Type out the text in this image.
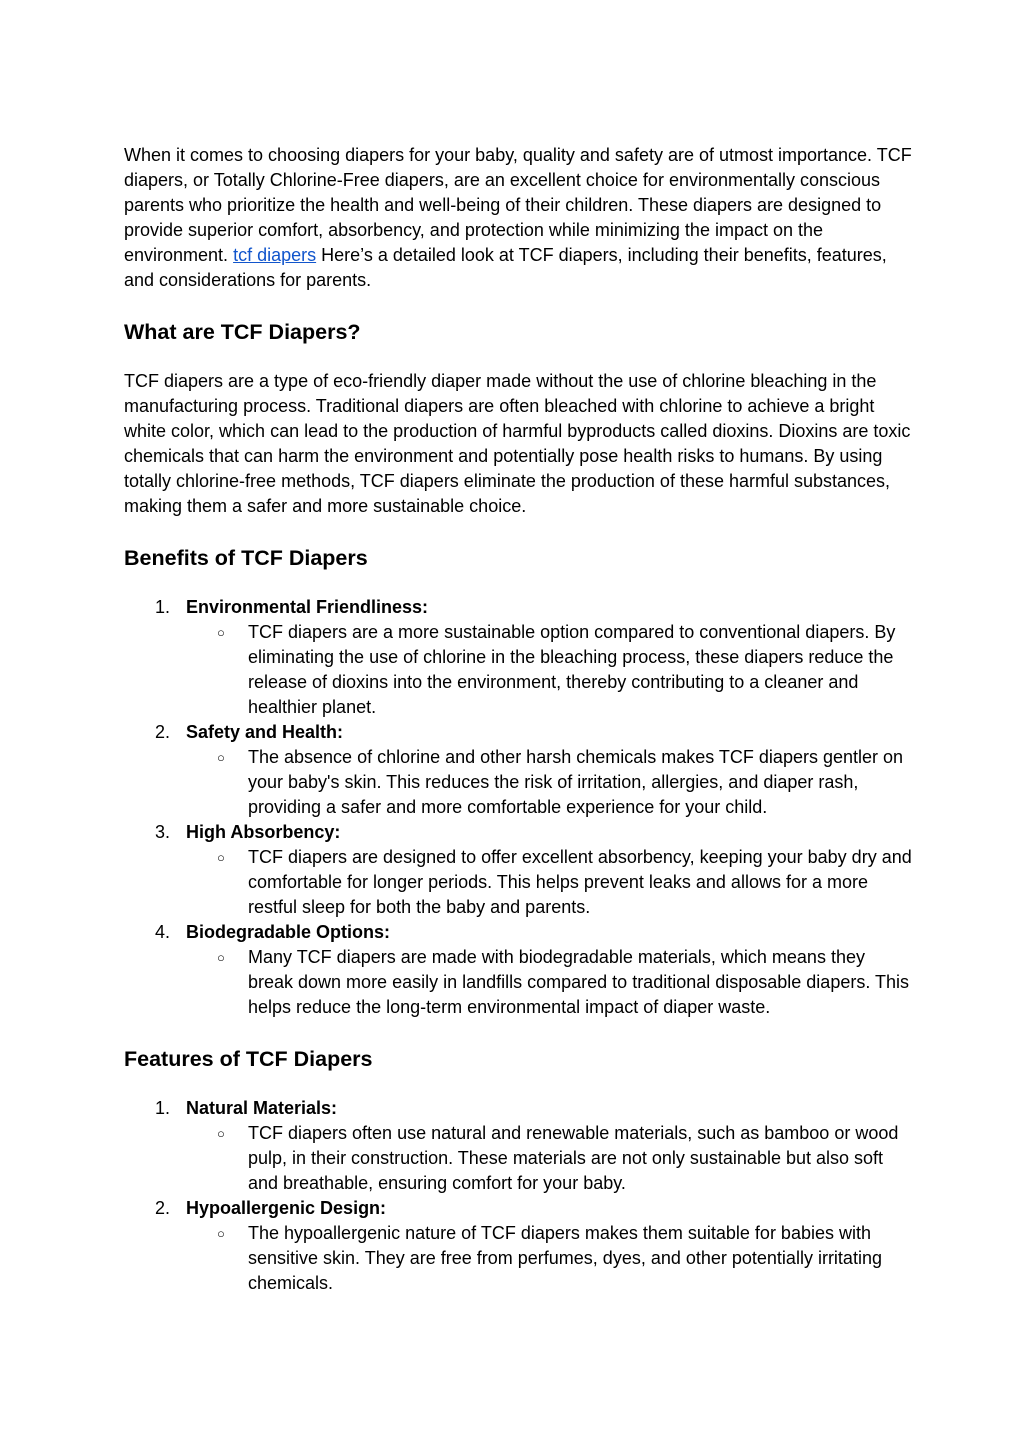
When it comes to choosing diapers for your baby, quality and safety are of utmost importance. TCF diapers, or Totally Chlorine-Free diapers, are an excellent choice for environmentally conscious parents who prioritize the health and well-being of their children. These diapers are designed to provide superior comfort, absorbency, and protection while minimizing the impact on the environment. tcf diapers Here’s a detailed look at TCF diapers, including their benefits, features, and considerations for parents.

What are TCF Diapers?

TCF diapers are a type of eco-friendly diaper made without the use of chlorine bleaching in the manufacturing process. Traditional diapers are often bleached with chlorine to achieve a bright white color, which can lead to the production of harmful byproducts called dioxins. Dioxins are toxic chemicals that can harm the environment and potentially pose health risks to humans. By using totally chlorine-free methods, TCF diapers eliminate the production of these harmful substances, making them a safer and more sustainable choice.

Benefits of TCF Diapers
1. Environmental Friendliness:
○ TCF diapers are a more sustainable option compared to conventional diapers. By eliminating the use of chlorine in the bleaching process, these diapers reduce the release of dioxins into the environment, thereby contributing to a cleaner and healthier planet.
2. Safety and Health:
○ The absence of chlorine and other harsh chemicals makes TCF diapers gentler on your baby's skin. This reduces the risk of irritation, allergies, and diaper rash, providing a safer and more comfortable experience for your child.
3. High Absorbency:
○ TCF diapers are designed to offer excellent absorbency, keeping your baby dry and comfortable for longer periods. This helps prevent leaks and allows for a more restful sleep for both the baby and parents.
4. Biodegradable Options:
○ Many TCF diapers are made with biodegradable materials, which means they break down more easily in landfills compared to traditional disposable diapers. This helps reduce the long-term environmental impact of diaper waste.
Features of TCF Diapers
1. Natural Materials:
○ TCF diapers often use natural and renewable materials, such as bamboo or wood pulp, in their construction. These materials are not only sustainable but also soft and breathable, ensuring comfort for your baby.
2. Hypoallergenic Design:
○ The hypoallergenic nature of TCF diapers makes them suitable for babies with sensitive skin. They are free from perfumes, dyes, and other potentially irritating chemicals.
